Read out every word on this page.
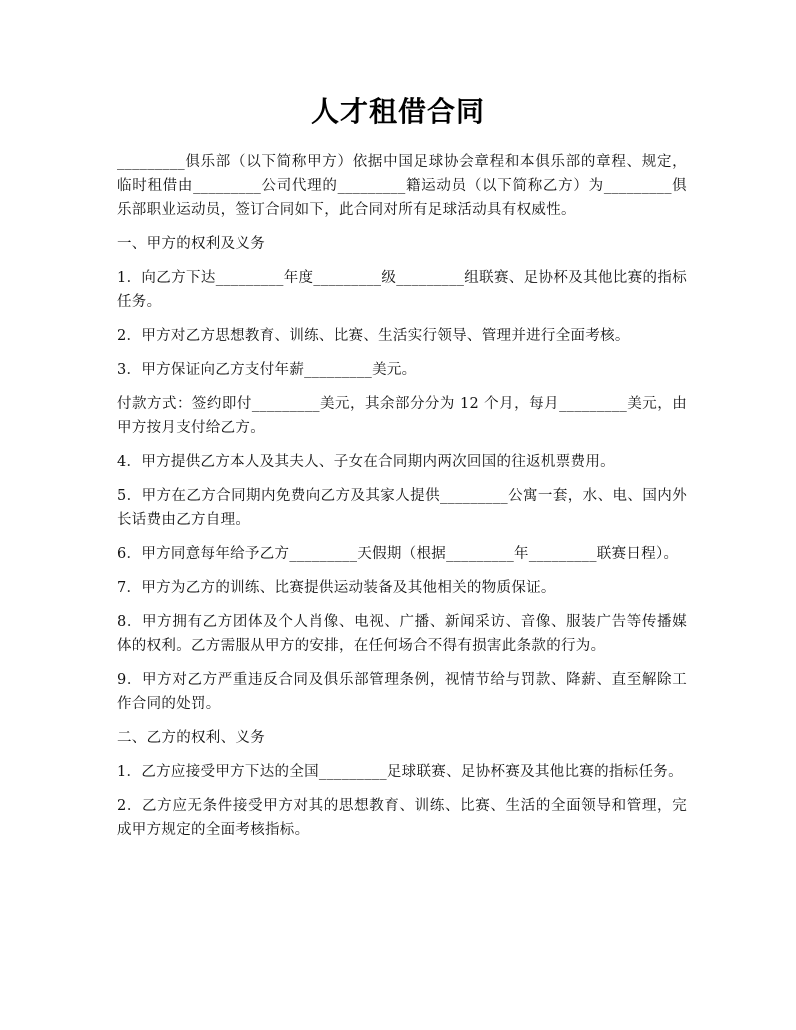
人才租借合同

_________俱乐部（以下简称甲方）依据中国足球协会章程和本俱乐部的章程、规定，临时租借由_________公司代理的_________籍运动员（以下简称乙方）为_________俱乐部职业运动员，签订合同如下，此合同对所有足球活动具有权威性。

一、甲方的权利及义务

1．向乙方下达_________年度_________级_________组联赛、足协杯及其他比赛的指标任务。

2．甲方对乙方思想教育、训练、比赛、生活实行领导、管理并进行全面考核。

3．甲方保证向乙方支付年薪_________美元。

付款方式：签约即付_________美元，其余部分分为 12 个月，每月_________美元，由甲方按月支付给乙方。

4．甲方提供乙方本人及其夫人、子女在合同期内两次回国的往返机票费用。

5．甲方在乙方合同期内免费向乙方及其家人提供_________公寓一套，水、电、国内外长话费由乙方自理。

6．甲方同意每年给予乙方_________天假期（根据_________年_________联赛日程）。

7．甲方为乙方的训练、比赛提供运动装备及其他相关的物质保证。

8．甲方拥有乙方团体及个人肖像、电视、广播、新闻采访、音像、服装广告等传播媒体的权利。乙方需服从甲方的安排，在任何场合不得有损害此条款的行为。

9．甲方对乙方严重违反合同及俱乐部管理条例，视情节给与罚款、降薪、直至解除工作合同的处罚。

二、乙方的权利、义务

1．乙方应接受甲方下达的全国_________足球联赛、足协杯赛及其他比赛的指标任务。

2．乙方应无条件接受甲方对其的思想教育、训练、比赛、生活的全面领导和管理，完成甲方规定的全面考核指标。
